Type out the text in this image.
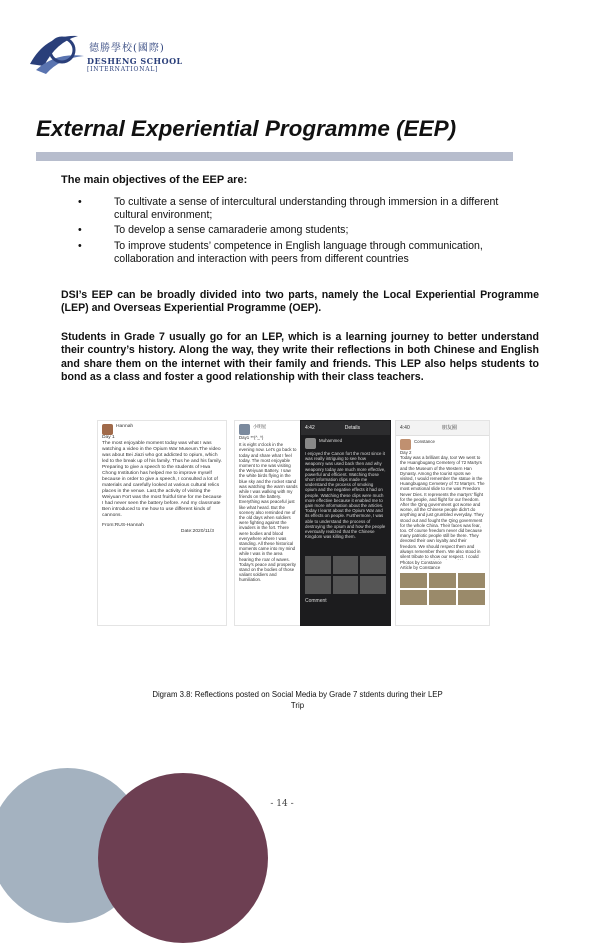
德勝學校(國際)
DESHENG SCHOOL
[INTERNATIONAL]
External Experiential Programme (EEP)
The main objectives of the EEP are:
•	To cultivate a sense of intercultural understanding through immersion in a different cultural environment;
•	To develop a sense camaraderie among students;
•	To improve students’ competence in English language through communication, collaboration and interaction with peers from different countries

DSI’s EEP can be broadly divided into two parts, namely the Local Experiential Programme (LEP) and Overseas Experiential Programme (OEP).

Students in Grade 7 usually go for an LEP, which is a learning journey to better understand their country’s history. Along the way, they write their reflections in both Chinese and English and share them on the internet with their family and friends. This LEP also helps students to bond as a class and foster a good relationship with their class teachers.

Hannah
Day 1
The most enjoyable moment today was what I was watching a video in the Opium War Museum.The video was about Bei Jiazi who got addicted to opium, which led to the break up of his family. Thus he and his family. Preparing to give a speech to the students of Hwa Chong Institution has helped me to improve myself because in order to give a speech, I consulted a lot of materials and carefully looked at various cultural relics places in the venue. Last,the activity of visiting the Weiyuan Fort was the most fruitful time for me because I had never seen the battery before. And my classmate Ben introduced to me how to use different kinds of cannons.
From:RUS-Hannah
Date:2020/11/3
小明星
Day1 **(^_^)
It is eight o'clock in the evening now. Let's go back to today and share what I feel today. The most enjoyable moment to me was visiting the Weiyuan Battery. I saw the white birds flying in the blue sky and the rocket stand was watching the warm sands while I was walking with my friends on the battery. Everything was peaceful just like what heard. But the scenery also reminded me of the old days when soldiers were fighting against the invaders in the fort. There were bodies and blood everywhere where I was standing. All these historical moments came into my mind while I was in the area hearing the roar of waves. Today's peace and prosperity stand on the bodies of those valiant soldiers and humiliation.
4:42	Details
Muhammed
I enjoyed the Canon fort the most since it was really intriguing to see how weaponry was used back then and why weaponry today are much more effective, powerful and efficient. Watching those short information clips made me understand the process of smoking opium and the negative effects it had on people. Watching these clips were much more effective because it enabled me to gain more information about the articles. Today I learnt about the Opium War and its effects on people. Furthermore, I was able to understand the process of destroying the opium and how the people eventually realized that the Chinese Kingdom was killing them.
Comment
4:40	朋友圈
Constance
Day 2
Today was a brilliant day, too! We went to the Huangbugang Cemetery of 72 Martyrs and the Museum of the Western Han Dynasty. Among the tourist spots we visited, I would remember the statue in the Huangbugang Cemetery of 72 Martyrs. The most emotional slide to me was Freedom Never Dies. It represents the martyrs' flight for the people, and flight for our freedom. After the Qing government got worse and worse, all the Chinese people didn't do anything and just grumbled everyday. They stood out and fought the Qing government for the whole China. Their faces was fear, too. Of course freedom never did because many patriotic people still be there. They devoted their own loyalty and their freedom. We should respect them and always remember them. We also stood in silent tribute to show our respect. I could
Photos by Constance
Article by Constance
Digram 3.8: Reflections posted on Social Media by Grade 7 stdents during their LEP Trip
- 14 -
